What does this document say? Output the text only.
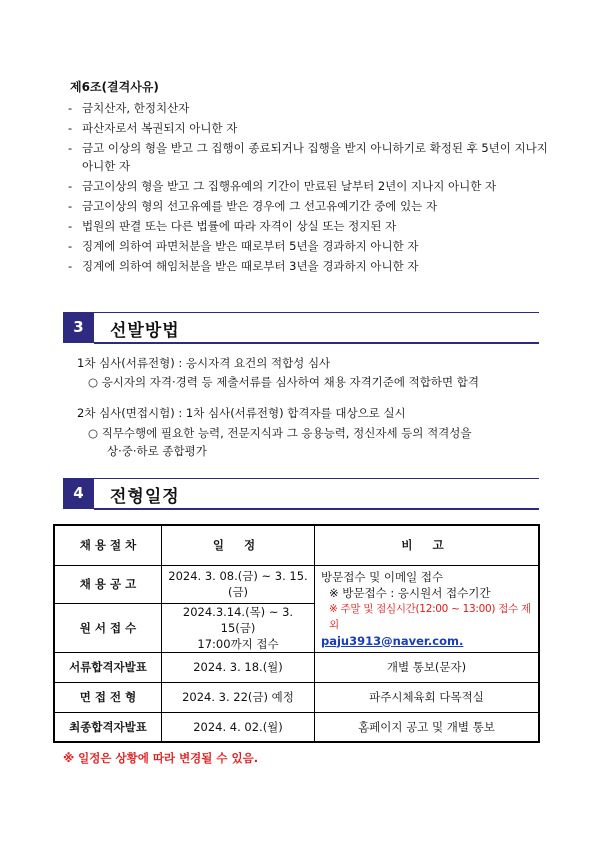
제6조(결격사유)
- 금치산자, 한정치산자
- 파산자로서 복권되지 아니한 자
- 금고 이상의 형을 받고 그 집행이 종료되거나 집행을 받지 아니하기로 확정된 후 5년이 지나지 아니한 자
- 금고이상의 형을 받고 그 집행유예의 기간이 만료된 날부터 2년이 지나지 아니한 자
- 금고이상의 형의 선고유예를 받은 경우에 그 선고유예기간 중에 있는 자
- 법원의 판결 또는 다른 법률에 따라 자격이 상실 또는 정지된 자
- 징계에 의하여 파면처분을 받은 때로부터 5년을 경과하지 아니한 자
- 징계에 의하여 해임처분을 받은 때로부터 3년을 경과하지 아니한 자
3	선발방법
1차 심사(서류전형) : 응시자격 요건의 적합성 심사
○ 응시자의 자격·경력 등 제출서류를 심사하여 채용 자격기준에 적합하면 합격
2차 심사(면접시험) : 1차 심사(서류전형) 합격자를 대상으로 실시
○ 직무수행에 필요한 능력, 전문지식과 그 응용능력, 정신자세 등의 적격성을
상·중·하로 종합평가
4	전형일정
채 용 절 차	일 정	비 고
채 용 공 고	2024. 3. 08.(금) ~ 3. 15.(금)	방문접수 및 이메일 접수
※ 방문접수 : 응시원서 접수기간
※ 주말 및 점심시간(12:00 ~ 13:00) 접수 제외
paju3913@naver.com.

원 서 접 수	2024.3.14.(목) ~ 3. 15(금)
17:00까지 접수	

서류합격자발표	2024. 3. 18.(월)	개별 통보(문자)
면 접 전 형	2024. 3. 22(금) 예정	파주시체육회 다목적실
최종합격자발표	2024. 4. 02.(월)	홈페이지 공고 및 개별 통보
※ 일정은 상황에 따라 변경될 수 있음.
